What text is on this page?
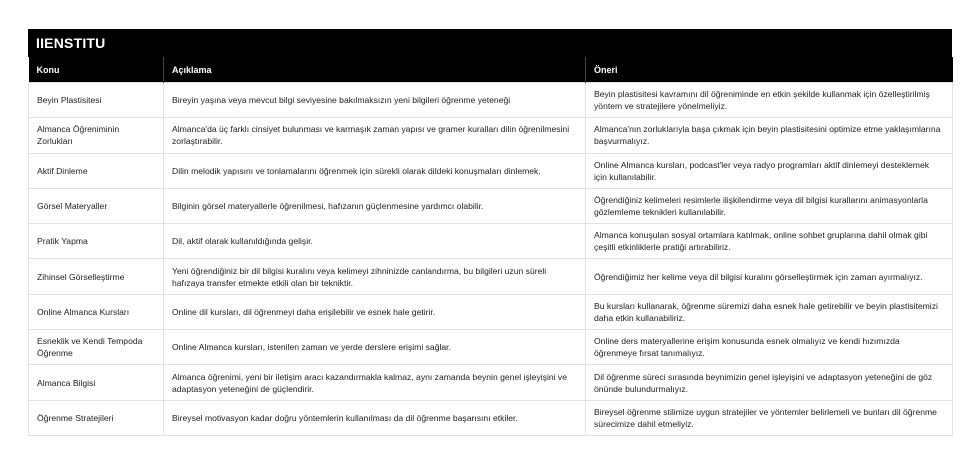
IIENSTITU
Konu	Açıklama	Öneri
Beyin Plastisitesi	Bireyin yaşına veya mevcut bilgi seviyesine bakılmaksızın yeni bilgileri öğrenme yeteneği	Beyin plastisitesi kavramını dil öğreniminde en etkin şekilde kullanmak için özelleştirilmiş yöntem ve stratejilere yönelmeliyiz.
Almanca Öğreniminin Zorlukları	Almanca'da üç farklı cinsiyet bulunması ve karmaşık zaman yapısı ve gramer kuralları dilin öğrenilmesini zorlaştırabilir.	Almanca'nın zorluklarıyla başa çıkmak için beyin plastisitesini optimize etme yaklaşımlarına başvurmalıyız.
Aktif Dinleme	Dilin melodik yapısını ve tonlamalarını öğrenmek için sürekli olarak dildeki konuşmaları dinlemek.	Online Almanca kursları, podcast'ler veya radyo programları aktif dinlemeyi desteklemek için kullanılabilir.
Görsel Materyaller	Bilginin görsel materyallerle öğrenilmesi, hafızanın güçlenmesine yardımcı olabilir.	Öğrendiğiniz kelimeleri resimlerle ilişkilendirme veya dil bilgisi kurallarını animasyonlarla gözlemleme teknikleri kullanılabilir.
Pratik Yapma	Dil, aktif olarak kullanıldığında gelişir.	Almanca konuşulan sosyal ortamlara katılmak, online sohbet gruplarına dahil olmak gibi çeşitli etkinliklerle pratiği artırabiliriz.
Zihinsel Görselleştirme	Yeni öğrendiğiniz bir dil bilgisi kuralını veya kelimeyi zihninizde canlandırma, bu bilgileri uzun süreli hafızaya transfer etmekte etkili olan bir tekniktir.	Öğrendiğimiz her kelime veya dil bilgisi kuralını görselleştirmek için zaman ayırmalıyız.
Online Almanca Kursları	Online dil kursları, dil öğrenmeyi daha erişilebilir ve esnek hale getirir.	Bu kursları kullanarak, öğrenme süremizi daha esnek hale getirebilir ve beyin plastisitemizi daha etkin kullanabiliriz.
Esneklik ve Kendi Tempoda Öğrenme	Online Almanca kursları, istenilen zaman ve yerde derslere erişimi sağlar.	Online ders materyallerine erişim konusunda esnek olmalıyız ve kendi hızımızda öğrenmeye fırsat tanımalıyız.
Almanca Bilgisi	Almanca öğrenimi, yeni bir iletişim aracı kazandırmakla kalmaz, aynı zamanda beynin genel işleyişini ve adaptasyon yeteneğini de güçlendirir.	Dil öğrenme süreci sırasında beynimizin genel işleyişini ve adaptasyon yeteneğini de göz önünde bulundurmalıyız.
Öğrenme Stratejileri	Bireysel motivasyon kadar doğru yöntemlerin kullanılması da dil öğrenme başarısını etkiler.	Bireysel öğrenme stilimize uygun stratejiler ve yöntemler belirlemeli ve bunları dil öğrenme sürecimize dahil etmeliyiz.
